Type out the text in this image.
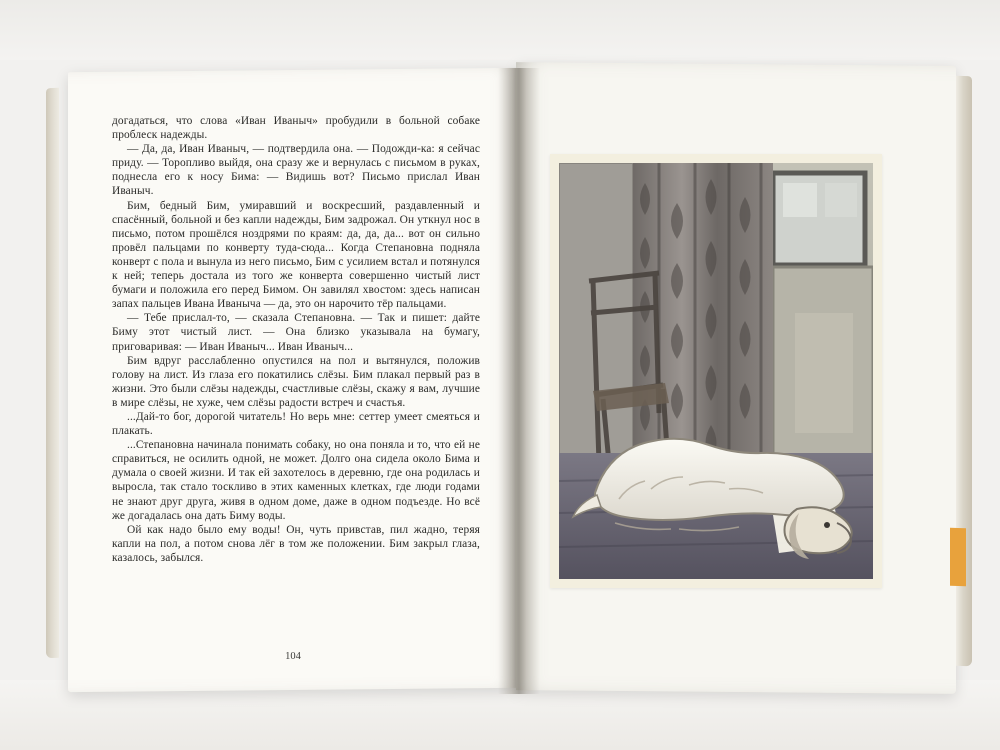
догадаться, что слова «Иван Иваныч» пробудили в больной собаке проблеск надежды.

— Да, да, Иван Иваныч, — подтвердила она. — Подожди-ка: я сейчас приду. — Торопливо выйдя, она сразу же и вернулась с письмом в руках, поднесла его к носу Бима: — Видишь вот? Письмо прислал Иван Иваныч.

Бим, бедный Бим, умиравший и воскресший, раздавленный и спасённый, больной и без капли надежды, Бим задрожал. Он уткнул нос в письмо, потом прошёлся ноздрями по краям: да, да, да... вот он сильно провёл пальцами по конверту туда-сюда... Когда Степановна подняла конверт с пола и вынула из него письмо, Бим с усилием встал и потянулся к ней; теперь достала из того же конверта совершенно чистый лист бумаги и положила его перед Бимом. Он завилял хвостом: здесь написан запах пальцев Ивана Иваныча — да, это он нарочито тёр пальцами.

— Тебе прислал-то, — сказала Степановна. — Так и пишет: дайте Биму этот чистый лист. — Она близко указывала на бумагу, приговаривая: — Иван Иваныч... Иван Иваныч...

Бим вдруг расслабленно опустился на пол и вытянулся, положив голову на лист. Из глаза его покатились слёзы. Бим плакал первый раз в жизни. Это были слёзы надежды, счастливые слёзы, скажу я вам, лучшие в мире слёзы, не хуже, чем слёзы радости встреч и счастья.

...Дай-то бог, дорогой читатель! Но верь мне: сеттер умеет смеяться и плакать.

...Степановна начинала понимать собаку, но она поняла и то, что ей не справиться, не осилить одной, не может. Долго она сидела около Бима и думала о своей жизни. И так ей захотелось в деревню, где она родилась и выросла, так стало тоскливо в этих каменных клетках, где люди годами не знают друг друга, живя в одном доме, даже в одном подъезде. Но всё же догадалась она дать Биму воды.

Ой как надо было ему воды! Он, чуть привстав, пил жадно, теряя капли на пол, а потом снова лёг в том же положении. Бим закрыл глаза, казалось, забылся.

104
